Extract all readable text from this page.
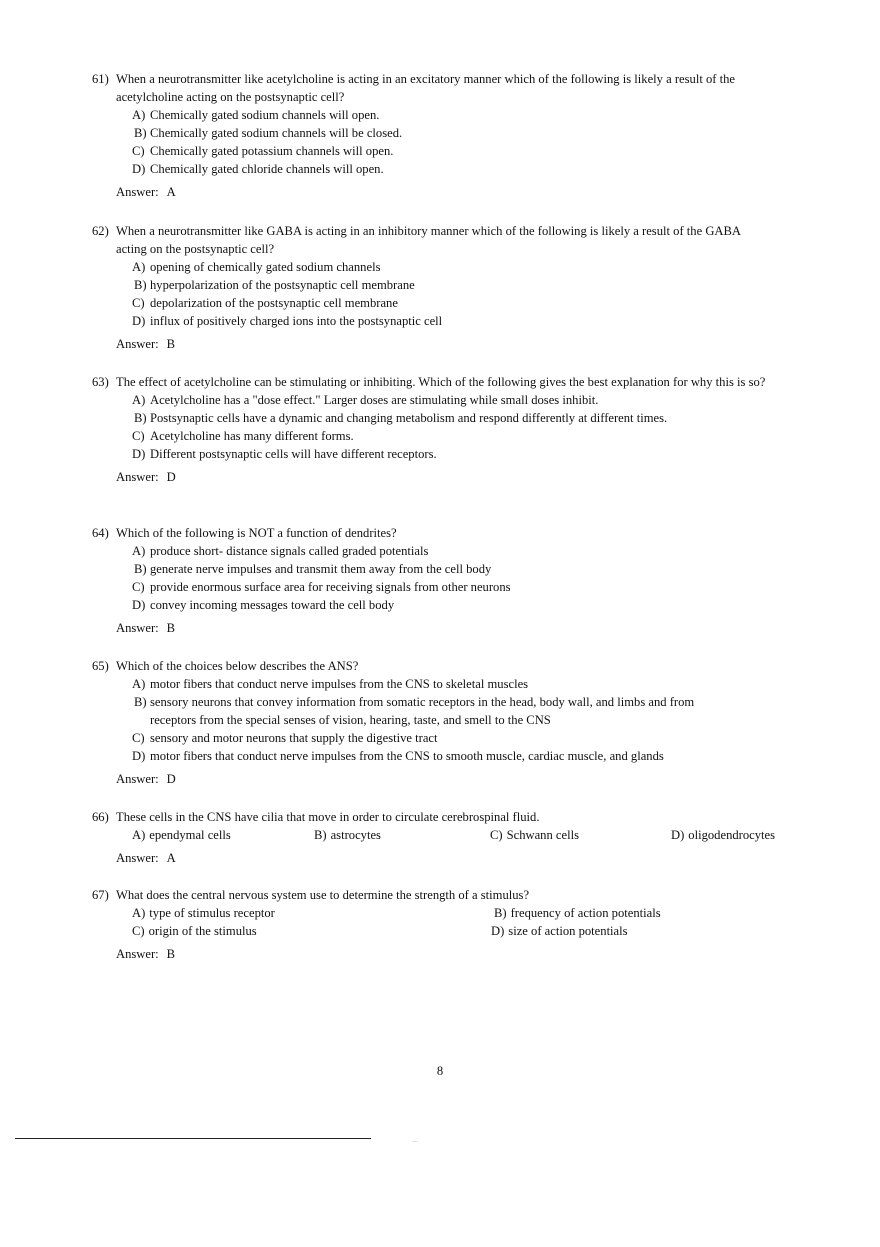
61) When a neurotransmitter like acetylcholine is acting in an excitatory manner which of the following is likely a result of the acetylcholine acting on the postsynaptic cell?
A) Chemically gated sodium channels will open.
B) Chemically gated sodium channels will be closed.
C) Chemically gated potassium channels will open.
D) Chemically gated chloride channels will open.
Answer: A
62) When a neurotransmitter like GABA is acting in an inhibitory manner which of the following is likely a result of the GABA acting on the postsynaptic cell?
A) opening of chemically gated sodium channels
B) hyperpolarization of the postsynaptic cell membrane
C) depolarization of the postsynaptic cell membrane
D) influx of positively charged ions into the postsynaptic cell
Answer: B
63) The effect of acetylcholine can be stimulating or inhibiting. Which of the following gives the best explanation for why this is so?
A) Acetylcholine has a "dose effect." Larger doses are stimulating while small doses inhibit.
B) Postsynaptic cells have a dynamic and changing metabolism and respond differently at different times.
C) Acetylcholine has many different forms.
D) Different postsynaptic cells will have different receptors.
Answer: D
64) Which of the following is NOT a function of dendrites?
A) produce short- distance signals called graded potentials
B) generate nerve impulses and transmit them away from the cell body
C) provide enormous surface area for receiving signals from other neurons
D) convey incoming messages toward the cell body
Answer: B
65) Which of the choices below describes the ANS?
A) motor fibers that conduct nerve impulses from the CNS to skeletal muscles
B) sensory neurons that convey information from somatic receptors in the head, body wall, and limbs and from receptors from the special senses of vision, hearing, taste, and smell to the CNS
C) sensory and motor neurons that supply the digestive tract
D) motor fibers that conduct nerve impulses from the CNS to smooth muscle, cardiac muscle, and glands
Answer: D
66) These cells in the CNS have cilia that move in order to circulate cerebrospinal fluid.
A) ependymal cells	B) astrocytes	C) Schwann cells	D) oligodendrocytes
Answer: A
67) What does the central nervous system use to determine the strength of a stimulus?
A) type of stimulus receptor	B) frequency of action potentials
C) origin of the stimulus	D) size of action potentials
Answer: B
8
…
